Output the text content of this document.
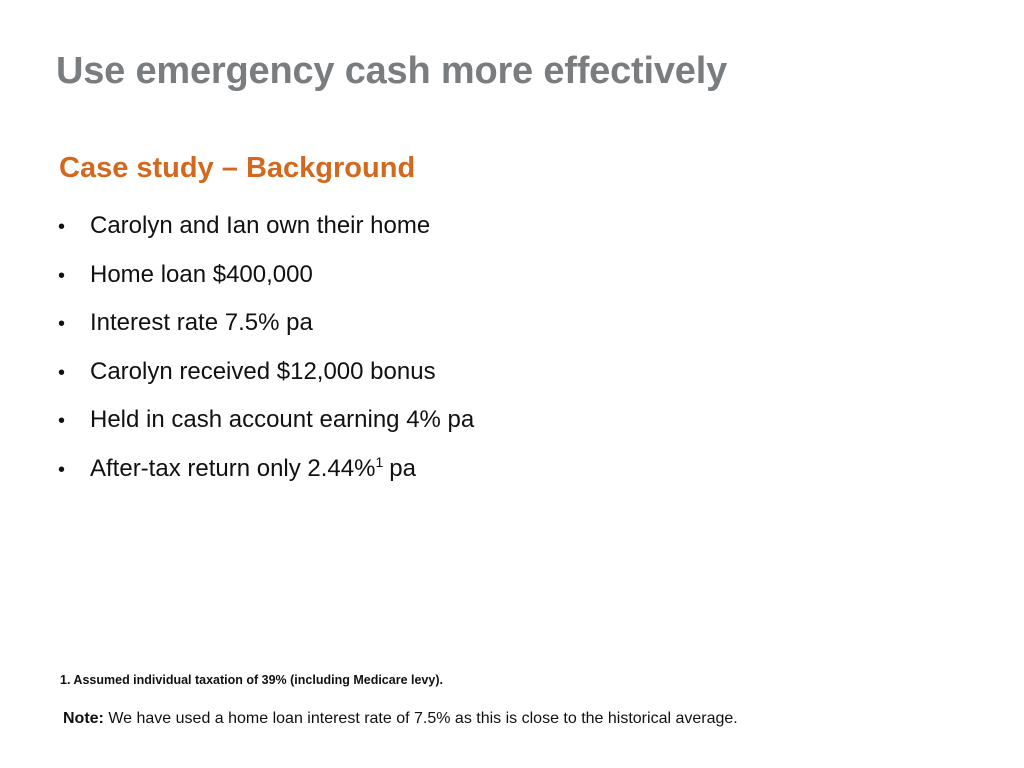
Use emergency cash more effectively
Case study – Background
•	Carolyn and Ian own their home
•	Home loan $400,000
•	Interest rate 7.5% pa
•	Carolyn received $12,000 bonus
•	Held in cash account earning 4% pa
•	After-tax return only 2.44%$^1$ pa

1. Assumed individual taxation of 39% (including Medicare levy).

Note: We have used a home loan interest rate of 7.5% as this is close to the historical average.
